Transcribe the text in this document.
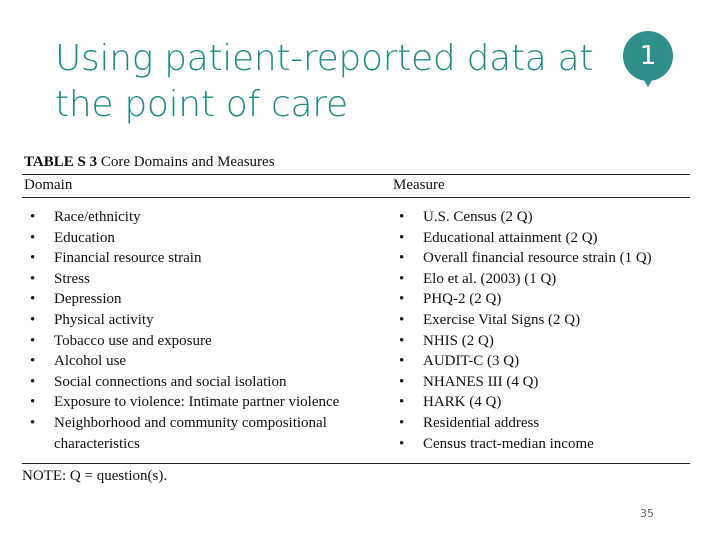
Using patient-reported data at
the point of care
1

TABLE S 3 Core Domains and Measures

Domain	Measure
• Race/ethnicity
• Education
• Financial resource strain
• Stress
• Depression
• Physical activity
• Tobacco use and exposure
• Alcohol use
• Social connections and social isolation
• Exposure to violence: Intimate partner violence
• Neighborhood and community compositional characteristics
• U.S. Census (2 Q)
• Educational attainment (2 Q)
• Overall financial resource strain (1 Q)
• Elo et al. (2003) (1 Q)
• PHQ-2 (2 Q)
• Exercise Vital Signs (2 Q)
• NHIS (2 Q)
• AUDIT-C (3 Q)
• NHANES III (4 Q)
• HARK (4 Q)
• Residential address
• Census tract-median income

NOTE: Q = question(s).

35
